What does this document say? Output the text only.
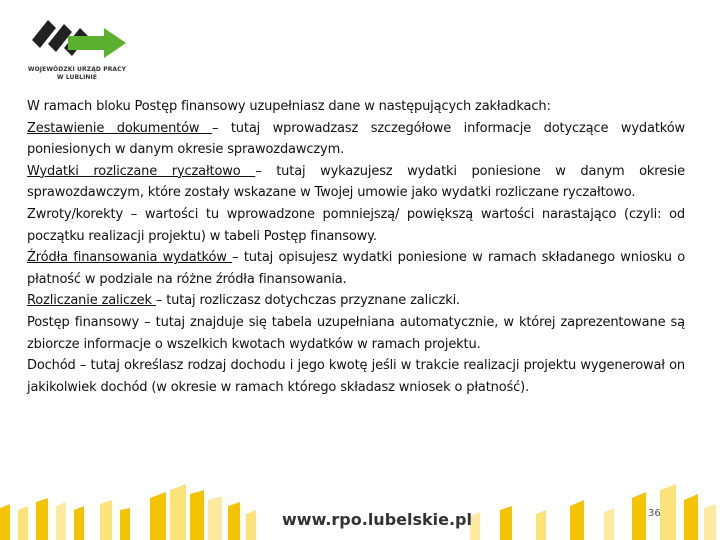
WOJEWÓDZKI URZĄD PRACY
W LUBLINIE

W ramach bloku Postęp finansowy uzupełniasz dane w następujących zakładkach:

Zestawienie dokumentów – tutaj wprowadzasz szczegółowe informacje dotyczące wydatków poniesionych w danym okresie sprawozdawczym.

Wydatki rozliczane ryczałtowo – tutaj wykazujesz wydatki poniesione w danym okresie sprawozdawczym, które zostały wskazane w Twojej umowie jako wydatki rozliczane ryczałtowo.

Zwroty/korekty – wartości tu wprowadzone pomniejszą/ powiększą wartości narastająco (czyli: od początku realizacji projektu) w tabeli Postęp finansowy.

Źródła finansowania wydatków – tutaj opisujesz wydatki poniesione w ramach składanego wniosku o płatność w podziale na różne źródła finansowania.

Rozliczanie zaliczek – tutaj rozliczasz dotychczas przyznane zaliczki.

Postęp finansowy – tutaj znajduje się tabela uzupełniana automatycznie, w której zaprezentowane są zbiorcze informacje o wszelkich kwotach wydatków w ramach projektu.

Dochód – tutaj określasz rodzaj dochodu i jego kwotę jeśli w trakcie realizacji projektu wygenerował on jakikolwiek dochód (w okresie w ramach którego składasz wniosek o płatność).

www.rpo.lubelskie.pl	36
